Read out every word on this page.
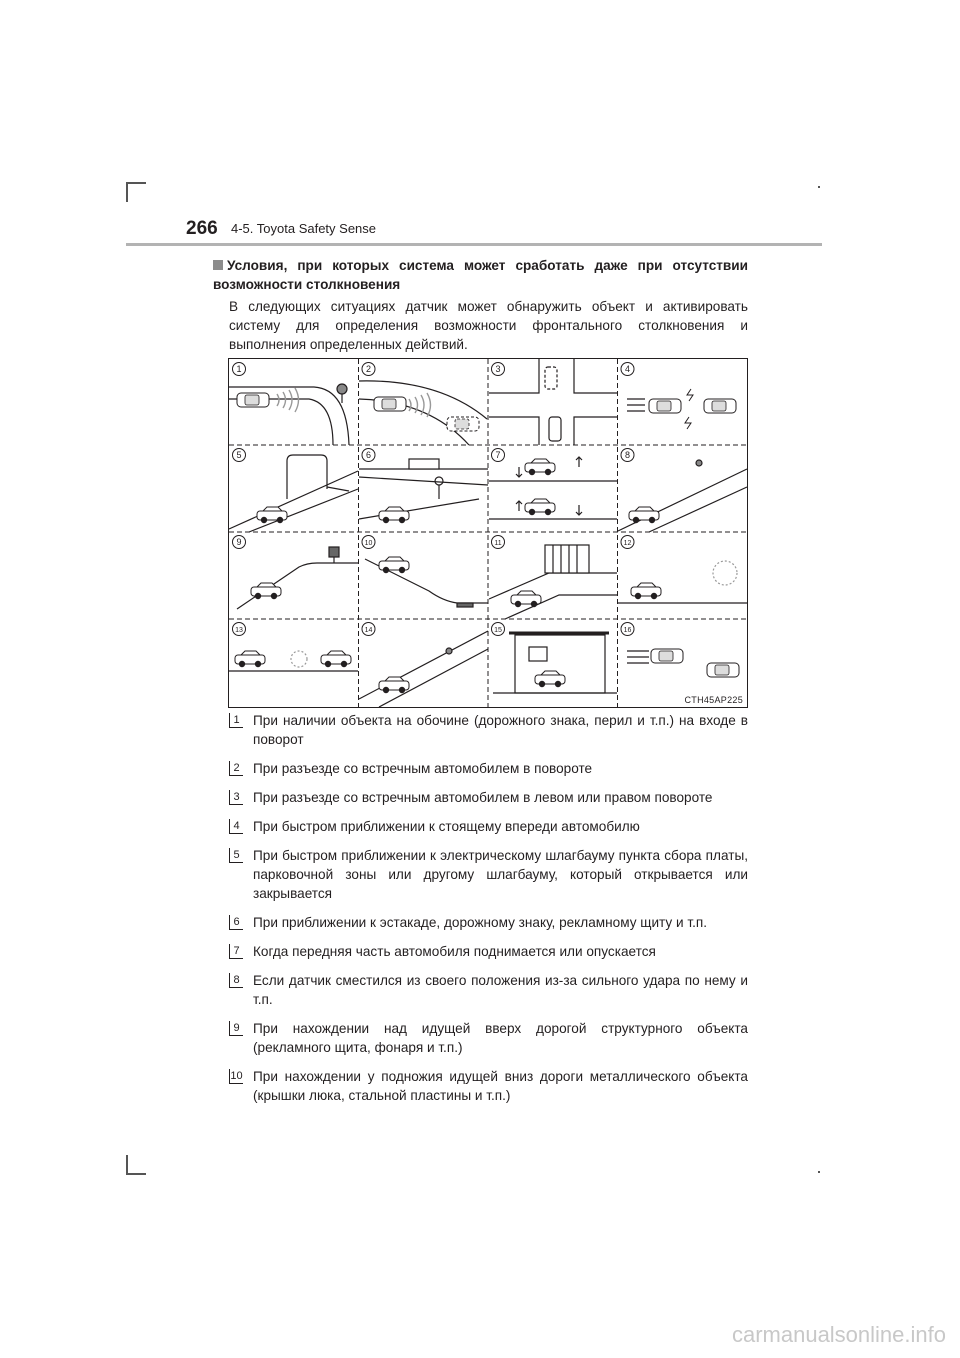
266 4-5. Toyota Safety Sense
Условия, при которых система может сработать даже при отсутствии
возможности столкновения
В следующих ситуациях датчик может обнаружить объект и активировать
систему для определения возможности фронтального столкновения и
выполнения определенных действий.
1	2	3	4
5	6	7	8
9	10	11	12
13	14	15	16
CTH45AP225
1 При наличии объекта на обочине (дорожного знака, перил и т.п.) на входе в
поворот
2 При разъезде со встречным автомобилем в повороте
3 При разъезде со встречным автомобилем в левом или правом повороте
4 При быстром приближении к стоящему впереди автомобилю
5 При быстром приближении к электрическому шлагбауму пункта сбора платы,
парковочной зоны или другому шлагбауму, который открывается или
закрывается
6 При приближении к эстакаде, дорожному знаку, рекламному щиту и т.п.
7 Когда передняя часть автомобиля поднимается или опускается
8 Если датчик сместился из своего положения из-за сильного удара по нему и
т.п.
9 При нахождении над идущей вверх дорогой структурного объекта
(рекламного щита, фонаря и т.п.)
10 При нахождении у подножия идущей вниз дороги металлического объекта
(крышки люка, стальной пластины и т.п.)
carmanualsonline.info
